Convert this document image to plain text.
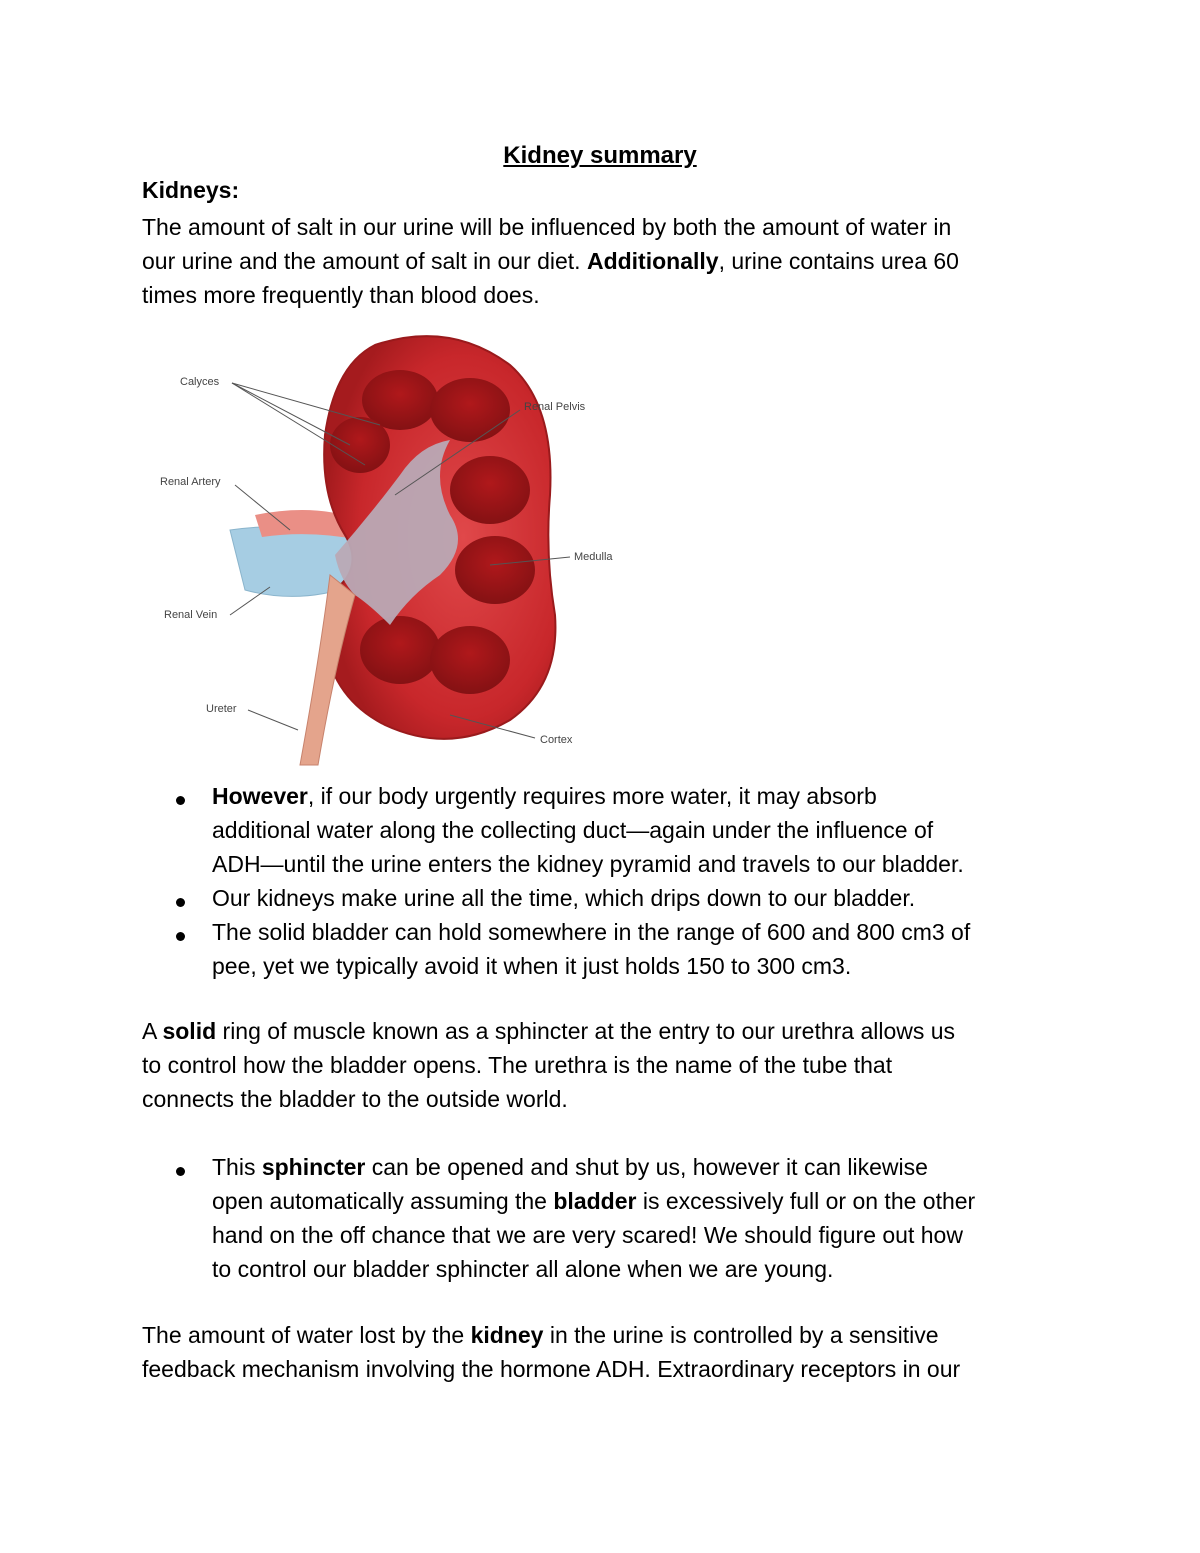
Kidney summary
Kidneys:
The amount of salt in our urine will be influenced by both the amount of water in
our urine and the amount of salt in our diet. Additionally, urine contains urea 60
times more frequently than blood does.
Calyces
Renal Pelvis
Renal Artery
Medulla
Renal Vein
Ureter
Cortex
However, if our body urgently requires more water, it may absorb
additional water along the collecting duct—again under the influence of
ADH—until the urine enters the kidney pyramid and travels to our bladder.
Our kidneys make urine all the time, which drips down to our bladder.
The solid bladder can hold somewhere in the range of 600 and 800 cm3 of
pee, yet we typically avoid it when it just holds 150 to 300 cm3.
A solid ring of muscle known as a sphincter at the entry to our urethra allows us
to control how the bladder opens. The urethra is the name of the tube that
connects the bladder to the outside world.
This sphincter can be opened and shut by us, however it can likewise
open automatically assuming the bladder is excessively full or on the other
hand on the off chance that we are very scared! We should figure out how
to control our bladder sphincter all alone when we are young.
The amount of water lost by the kidney in the urine is controlled by a sensitive
feedback mechanism involving the hormone ADH. Extraordinary receptors in our
